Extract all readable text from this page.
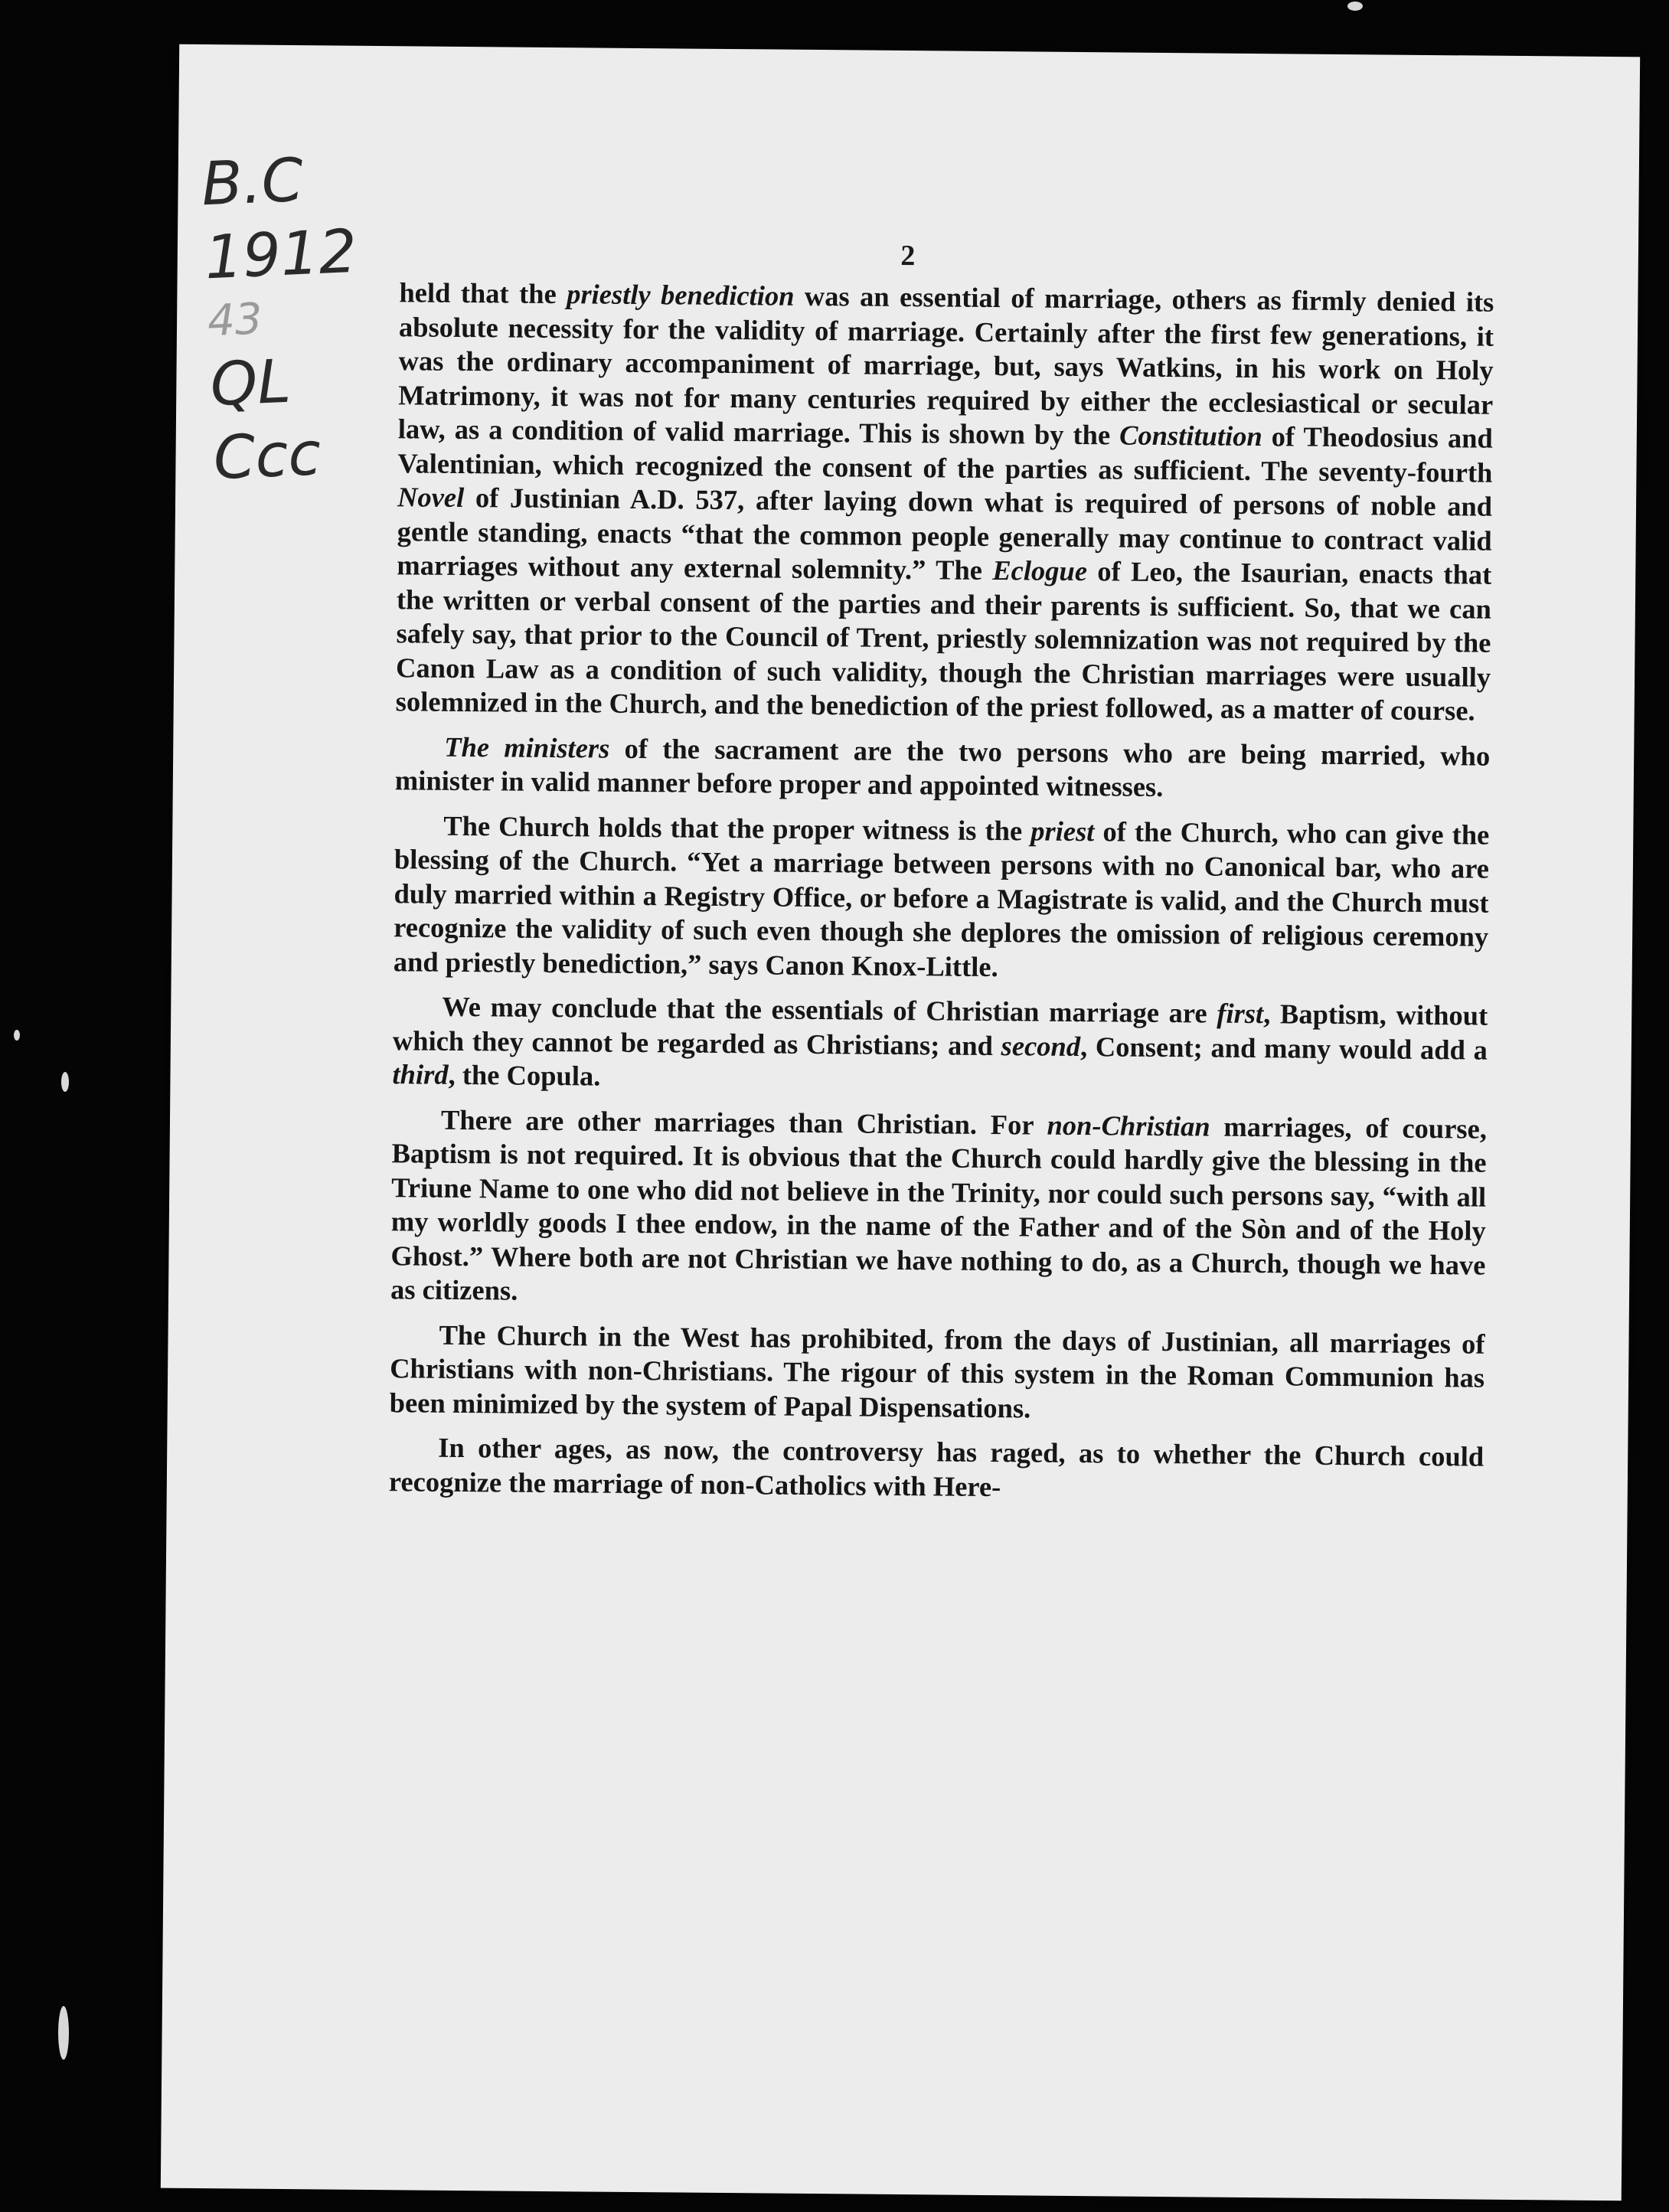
B.C
1912
43
QL
Ccc
2

held that the priestly benediction was an essential of marriage, others as firmly denied its absolute necessity for the validity of marriage. Certainly after the first few generations, it was the ordinary accompaniment of marriage, but, says Watkins, in his work on Holy Matrimony, it was not for many centuries required by either the ecclesiastical or secular law, as a condition of valid marriage. This is shown by the Constitution of Theodosius and Valentinian, which recognized the consent of the parties as sufficient. The seventy-fourth Novel of Justinian A.D. 537, after laying down what is required of persons of noble and gentle standing, enacts “that the common people generally may continue to contract valid marriages without any external solemnity.” The Eclogue of Leo, the Isaurian, enacts that the written or verbal consent of the parties and their parents is sufficient. So, that we can safely say, that prior to the Council of Trent, priestly solemnization was not required by the Canon Law as a condition of such validity, though the Christian marriages were usually solemnized in the Church, and the benediction of the priest followed, as a matter of course.

The ministers of the sacrament are the two persons who are being married, who minister in valid manner before proper and appointed witnesses.

The Church holds that the proper witness is the priest of the Church, who can give the blessing of the Church. “Yet a marriage between persons with no Canonical bar, who are duly married within a Registry Office, or before a Magistrate is valid, and the Church must recognize the validity of such even though she deplores the omission of religious ceremony and priestly benediction,” says Canon Knox-Little.

We may conclude that the essentials of Christian marriage are first, Baptism, without which they cannot be regarded as Christians; and second, Consent; and many would add a third, the Copula.

There are other marriages than Christian. For non-Christian marriages, of course, Baptism is not required. It is obvious that the Church could hardly give the blessing in the Triune Name to one who did not believe in the Trinity, nor could such persons say, “with all my worldly goods I thee endow, in the name of the Father and of the Sòn and of the Holy Ghost.” Where both are not Christian we have nothing to do, as a Church, though we have as citizens.

The Church in the West has prohibited, from the days of Justinian, all marriages of Christians with non-Christians. The rigour of this system in the Roman Communion has been minimized by the system of Papal Dispensations.

In other ages, as now, the controversy has raged, as to whether the Church could recognize the marriage of non-Catholics with Here-
